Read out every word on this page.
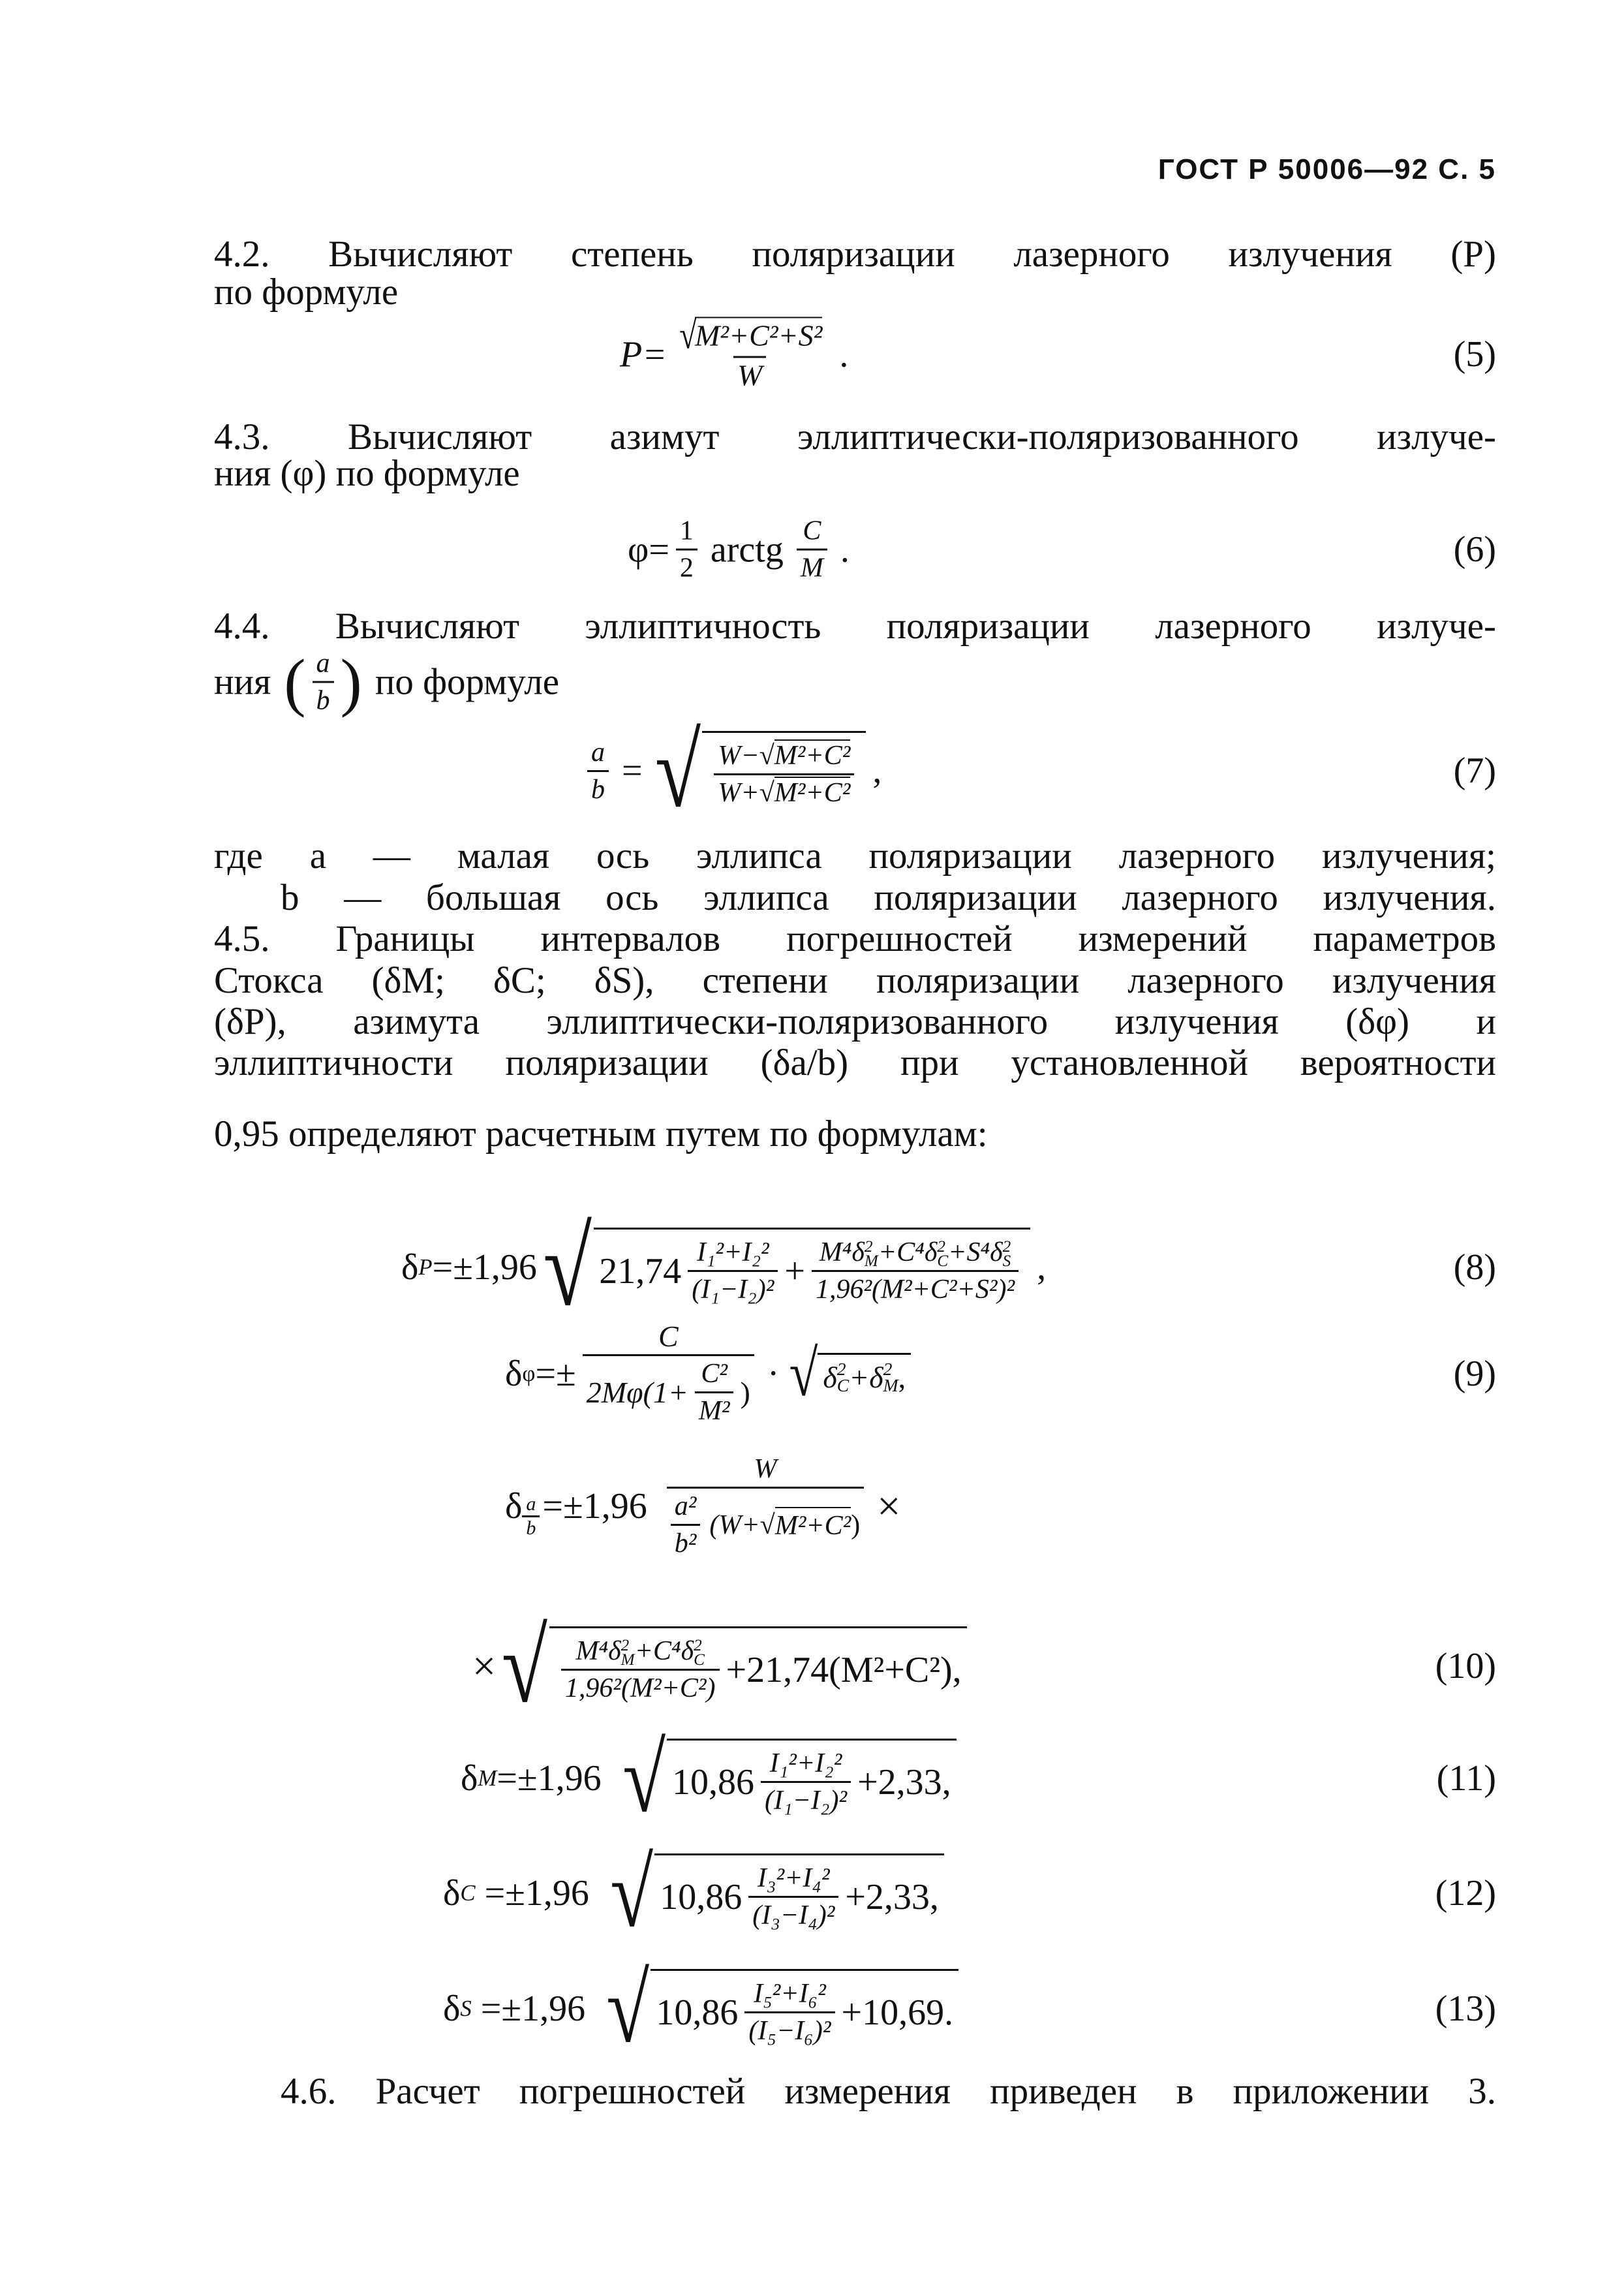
ГОСТ Р 50006—92 С. 5
4.2. Вычисляют степень поляризации лазерного излучения (P)
по формуле
P= √
M²+C²+S²
W .	(5)
4.3. Вычисляют азимут эллиптически-поляризованного излуче-
ния (φ) по формуле
$\varphi= \frac{1}{2}$ arctg $\frac{C}{M}$ .	(6)
4.4. Вычисляют эллиптичность поляризации лазерного излуче-
ния ( $\frac{a}{b}$ ) по формуле
$\frac{a}{b}$ = √ $\frac{\text{W−√M²+C²}}{\text{W+√M²+C²}}$ ,	(7)
где a — малая ось эллипса поляризации лазерного излучения;
b — большая ось эллипса поляризации лазерного излучения.
4.5. Границы интервалов погрешностей измерений параметров
Стокса (δM; δC; δS), степени поляризации лазерного излучения
(δP), азимута эллиптически-поляризованного излучения (δφ) и
эллиптичности поляризации (δa/b) при установленной вероятности
0,95 определяют расчетным путем по формулам:
δ P =±1,96 √ $21,74 \frac{\text{I₁²+I₂²}}{\text{(I₁−I₂)²}} + M^4\delta$ 2
M +C⁴δ 2
C +S⁴δ 2
S
1,96²(M²+C²+S²)² ,	(8)
δ $\varphi =\pm \frac{C}{2M\varphi(1+ \frac{\text{C²}}{\text{M²}} )}$ · √ δ 2
C +δ 2
M ,	(9)
δ $\frac{a}{b} =\pm 1,96 \frac{W}{\frac{\text{a²}}{\text{b²}} (W+ √ M^2+C^2 )}$ ×
× √ M⁴δ 2
M +C⁴δ 2
C
1,96²(M²+C²) +21,74(M²+C²),	(10)
δ M =±1,96 √ $10,86 \frac{\text{I₁²+I₂²}}{\text{(I₁−I₂)²}} +2,33$,	(11)
δ C =±1,96 √ $10,86 \frac{\text{I₃²+I₄²}}{\text{(I₃−I₄)²}} +2,33$,	(12)
δ S =±1,96 √ $10,86 \frac{\text{I₅²+I₆²}}{\text{(I₅−I₆)²}} +10,69$.	(13)
4.6. Расчет погрешностей измерения приведен в приложении 3.
